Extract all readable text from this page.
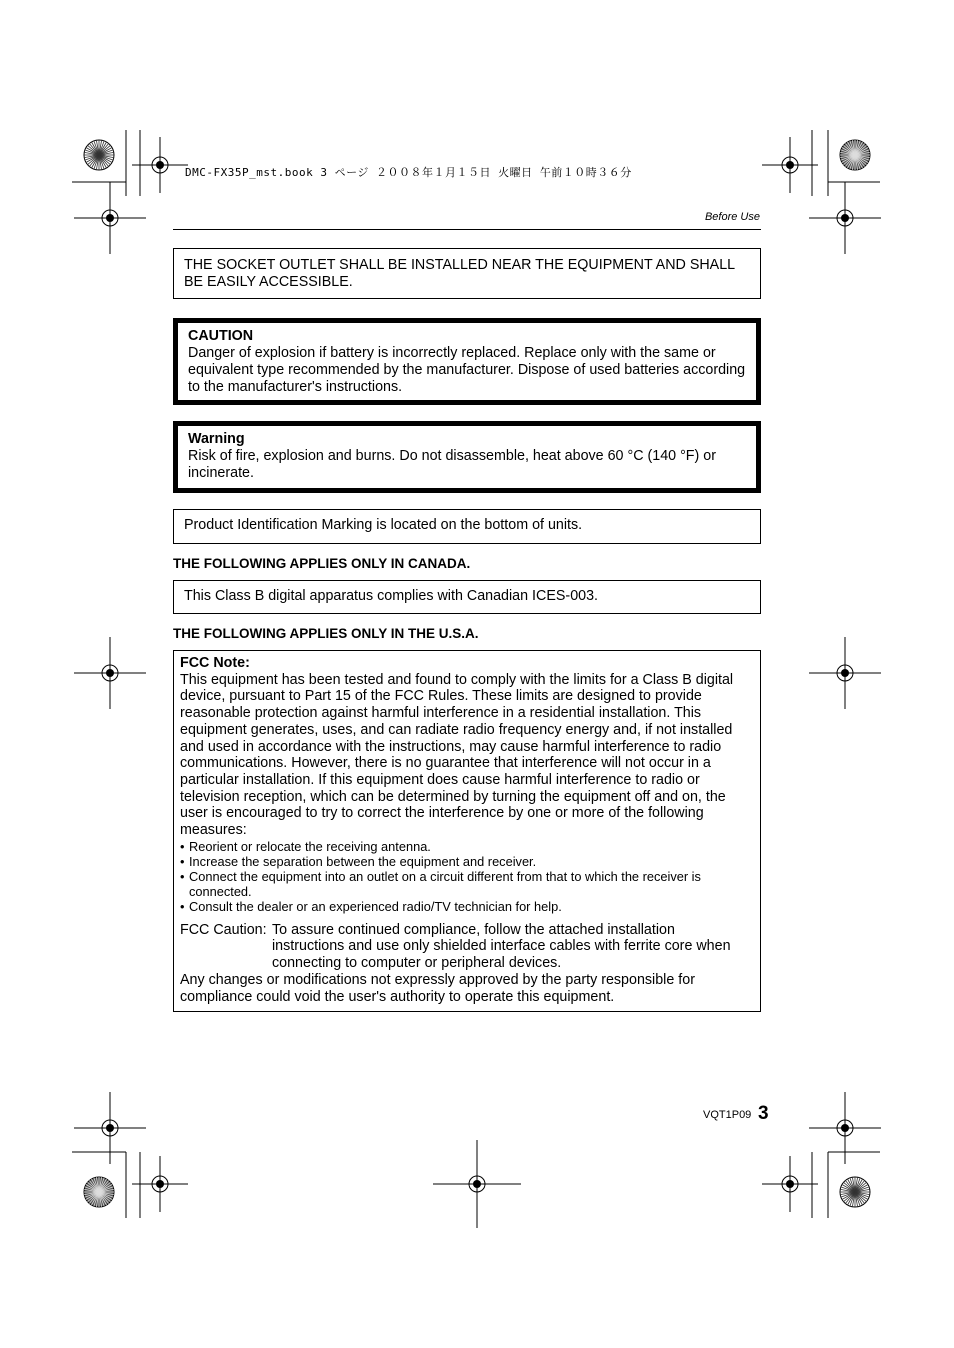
DMC-FX35P_mst.book 3 ページ ２００８年１月１５日 火曜日 午前１０時３６分
Before Use

THE SOCKET OUTLET SHALL BE INSTALLED NEAR THE EQUIPMENT AND SHALL BE EASILY ACCESSIBLE.

CAUTION

Danger of explosion if battery is incorrectly replaced. Replace only with the same or equivalent type recommended by the manufacturer. Dispose of used batteries according to the manufacturer's instructions.

Warning

Risk of fire, explosion and burns. Do not disassemble, heat above 60 °C (140 °F) or incinerate.

Product Identification Marking is located on the bottom of units.

THE FOLLOWING APPLIES ONLY IN CANADA.

This Class B digital apparatus complies with Canadian ICES-003.

THE FOLLOWING APPLIES ONLY IN THE U.S.A.

FCC Note:

This equipment has been tested and found to comply with the limits for a Class B digital device, pursuant to Part 15 of the FCC Rules. These limits are designed to provide reasonable protection against harmful interference in a residential installation. This equipment generates, uses, and can radiate radio frequency energy and, if not installed and used in accordance with the instructions, may cause harmful interference to radio communications. However, there is no guarantee that interference will not occur in a particular installation. If this equipment does cause harmful interference to radio or television reception, which can be determined by turning the equipment off and on, the user is encouraged to try to correct the interference by one or more of the following measures:

• Reorient or relocate the receiving antenna.
• Increase the separation between the equipment and receiver.
• Connect the equipment into an outlet on a circuit different from that to which the receiver is connected.
• Consult the dealer or an experienced radio/TV technician for help.
FCC Caution: To assure continued compliance, follow the attached installation instructions and use only shielded interface cables with ferrite core when connecting to computer or peripheral devices.

Any changes or modifications not expressly approved by the party responsible for compliance could void the user's authority to operate this equipment.

VQT1P09 3
